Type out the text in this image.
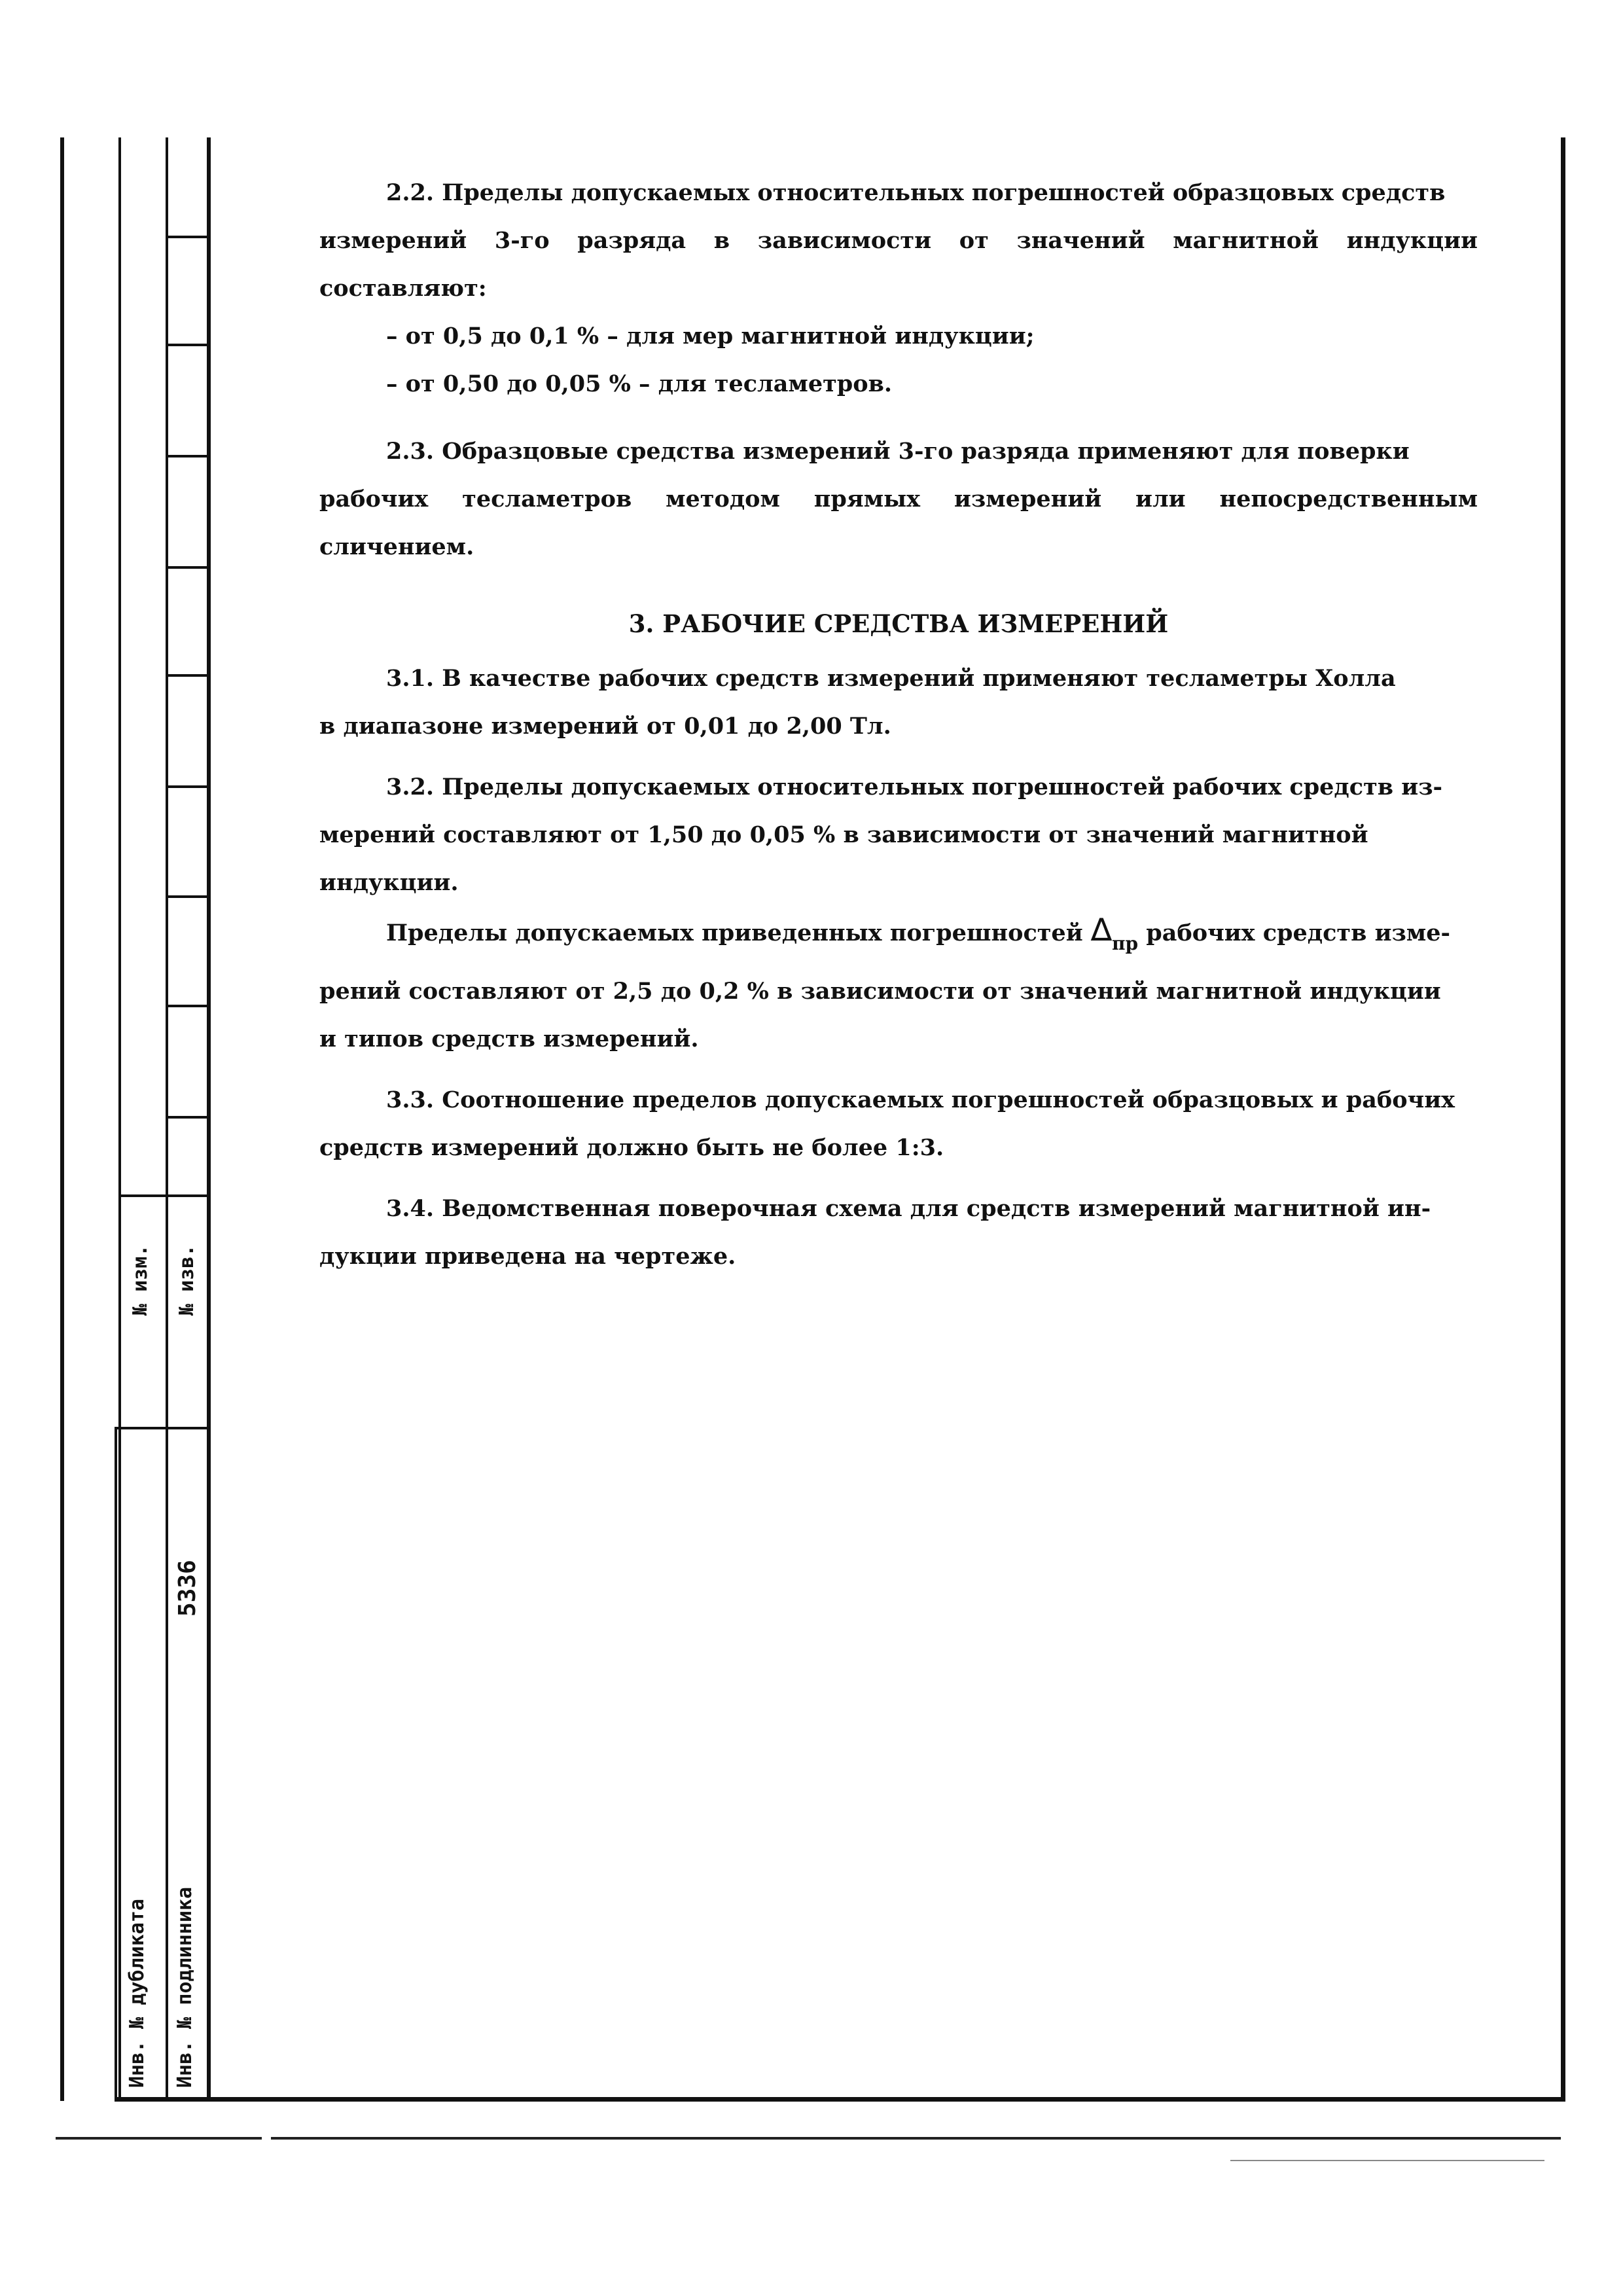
№ изм. № изв.
5336
Инв. № дубликата Инв. № подлинника

2.2. Пределы допускаемых относительных погрешностей образцовых средств

измерений 3-го разряда в зависимости от значений магнитной индукции составляют:

– от 0,5 до 0,1 % – для мер магнитной индукции;

– от 0,50 до 0,05 % – для тесламетров.

2.3. Образцовые средства измерений 3-го разряда применяют для поверки

рабочих тесламетров методом прямых измерений или непосредственным сличением.

3. РАБОЧИЕ СРЕДСТВА ИЗМЕРЕНИЙ

3.1. В качестве рабочих средств измерений применяют тесламетры Холла

в диапазоне измерений от 0,01 до 2,00 Тл.

3.2. Пределы допускаемых относительных погрешностей рабочих средств из-

мерений составляют от 1,50 до 0,05 % в зависимости от значений магнитной

индукции.

Пределы допускаемых приведенных погрешностей $\Delta_{пр}$ рабочих средств изме-

рений составляют от 2,5 до 0,2 % в зависимости от значений магнитной индукции

и типов средств измерений.

3.3. Соотношение пределов допускаемых погрешностей образцовых и рабочих

средств измерений должно быть не более 1:3.

3.4. Ведомственная поверочная схема для средств измерений магнитной ин-

дукции приведена на чертеже.
